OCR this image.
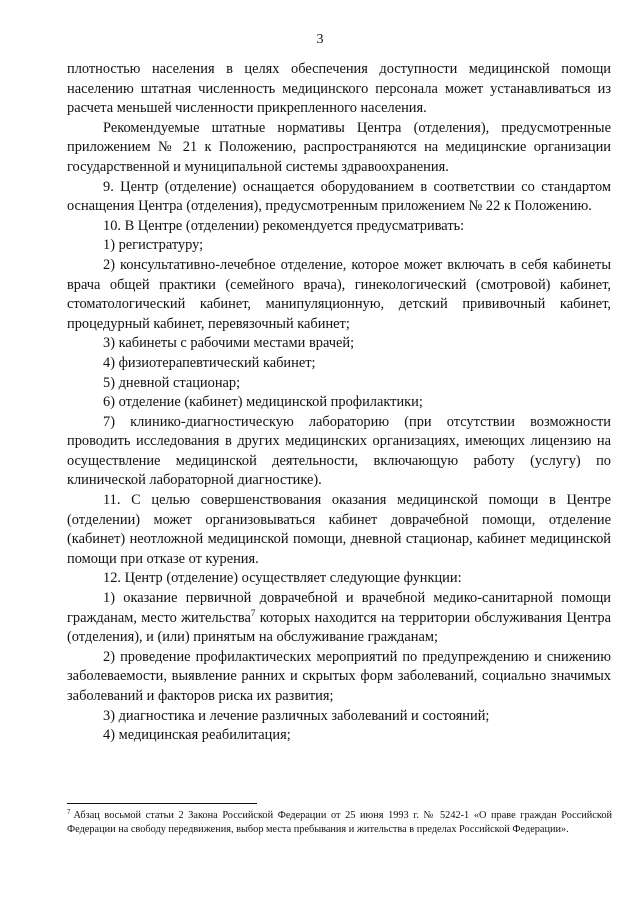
3

плотностью населения в целях обеспечения доступности медицинской помощи населению штатная численность медицинского персонала может устанавливаться из расчета меньшей численности прикрепленного населения.

Рекомендуемые штатные нормативы Центра (отделения), предусмотренные приложением № 21 к Положению, распространяются на медицинские организации государственной и муниципальной системы здравоохранения.

9. Центр (отделение) оснащается оборудованием в соответствии со стандартом оснащения Центра (отделения), предусмотренным приложением № 22 к Положению.

10. В Центре (отделении) рекомендуется предусматривать:

1) регистратуру;

2) консультативно-лечебное отделение, которое может включать в себя кабинеты врача общей практики (семейного врача), гинекологический (смотровой) кабинет, стоматологический кабинет, манипуляционную, детский прививочный кабинет, процедурный кабинет, перевязочный кабинет;

3) кабинеты с рабочими местами врачей;

4) физиотерапевтический кабинет;

5) дневной стационар;

6) отделение (кабинет) медицинской профилактики;

7) клинико-диагностическую лабораторию (при отсутствии возможности проводить исследования в других медицинских организациях, имеющих лицензию на осуществление медицинской деятельности, включающую работу (услугу) по клинической лабораторной диагностике).

11. С целью совершенствования оказания медицинской помощи в Центре (отделении) может организовываться кабинет доврачебной помощи, отделение (кабинет) неотложной медицинской помощи, дневной стационар, кабинет медицинской помощи при отказе от курения.

12. Центр (отделение) осуществляет следующие функции:

1) оказание первичной доврачебной и врачебной медико-санитарной помощи гражданам, место жительства$^7$ которых находится на территории обслуживания Центра (отделения), и (или) принятым на обслуживание гражданам;

2) проведение профилактических мероприятий по предупреждению и снижению заболеваемости, выявление ранних и скрытых форм заболеваний, социально значимых заболеваний и факторов риска их развития;

3) диагностика и лечение различных заболеваний и состояний;

4) медицинская реабилитация;

$^7$ Абзац восьмой статьи 2 Закона Российской Федерации от 25 июня 1993 г. № 5242-1 «О праве граждан Российской Федерации на свободу передвижения, выбор места пребывания и жительства в пределах Российской Федерации».
